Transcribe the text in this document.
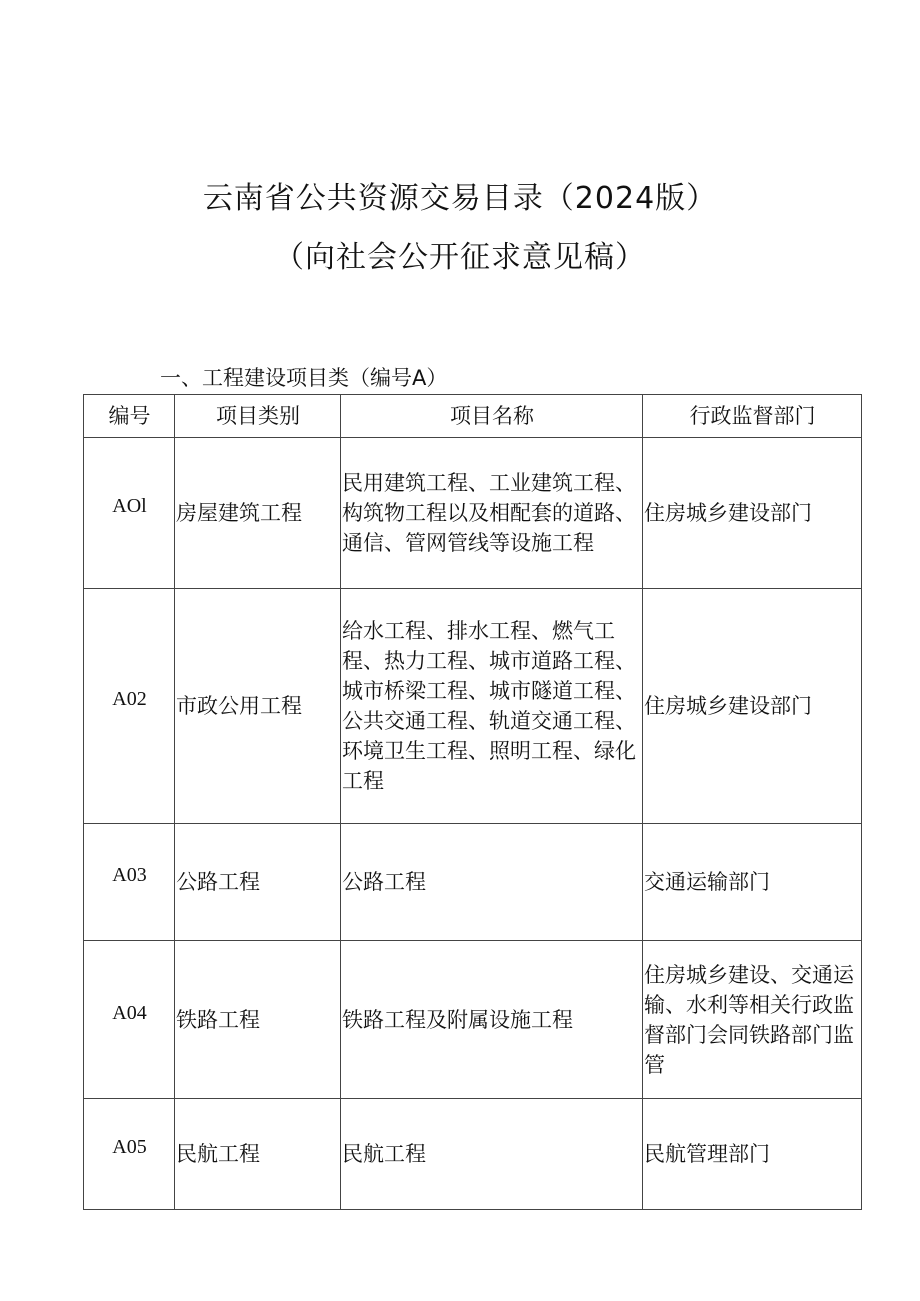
云南省公共资源交易目录（2024版）
（向社会公开征求意见稿）
一、工程建设项目类（编号A）
编号	项目类别	项目名称	行政监督部门
AOl	房屋建筑工程	民用建筑工程、工业建筑工程、构筑物工程以及相配套的道路、通信、管网管线等设施工程	住房城乡建设部门
A02	市政公用工程	给水工程、排水工程、燃气工程、热力工程、城市道路工程、城市桥梁工程、城市隧道工程、公共交通工程、轨道交通工程、环境卫生工程、照明工程、绿化工程	住房城乡建设部门
A03	公路工程	公路工程	交通运输部门
A04	铁路工程	铁路工程及附属设施工程	住房城乡建设、交通运输、水利等相关行政监督部门会同铁路部门监管
A05	民航工程	民航工程	民航管理部门
